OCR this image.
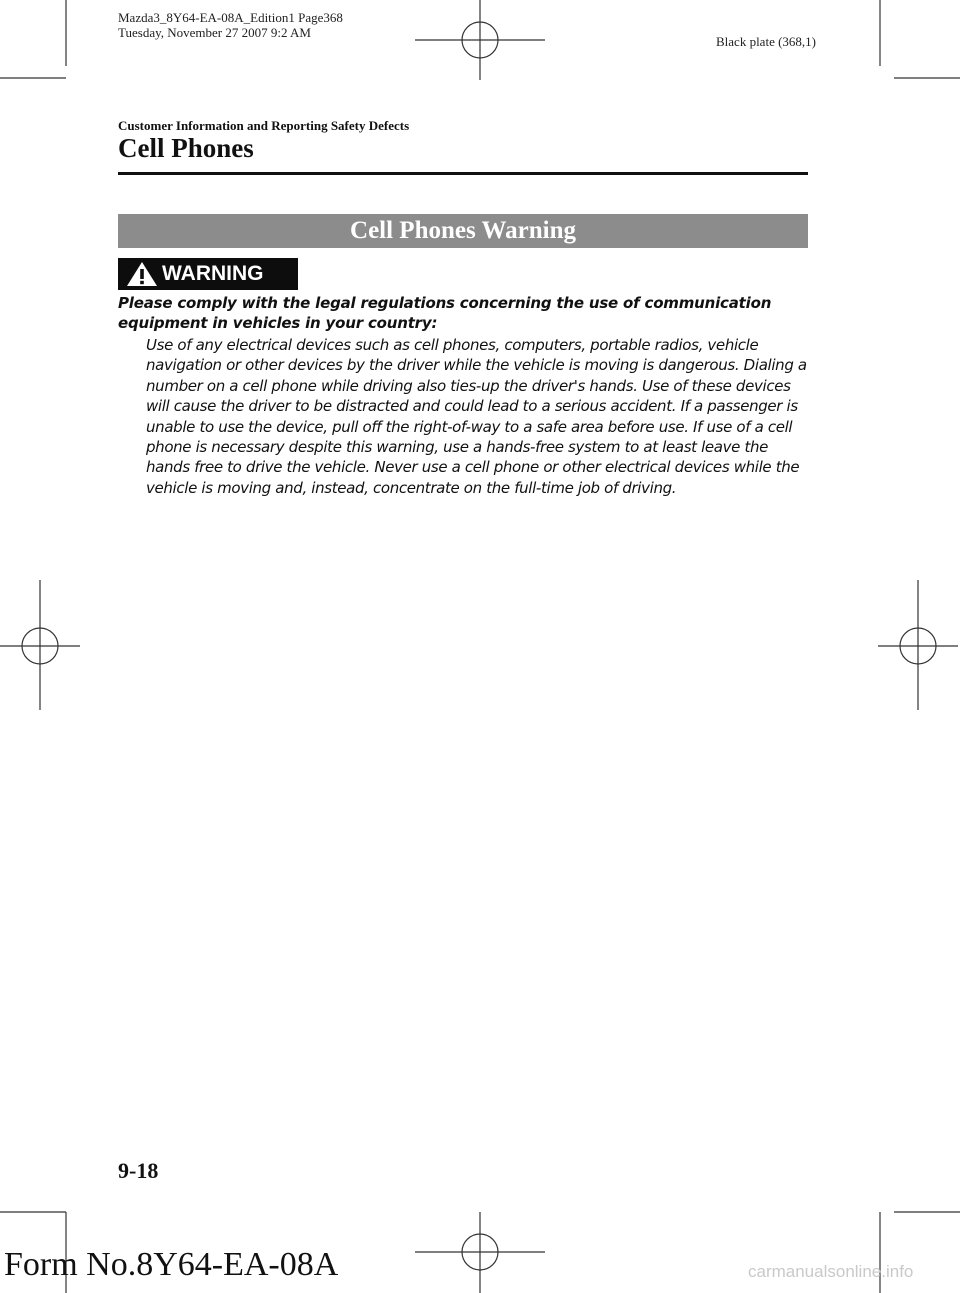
Mazda3_8Y64-EA-08A_Edition1 Page368
Tuesday, November 27 2007 9:2 AM
Black plate (368,1)
Customer Information and Reporting Safety Defects
Cell Phones
Cell Phones Warning
WARNING
Please comply with the legal regulations concerning the use of communication equipment in vehicles in your country:
Use of any electrical devices such as cell phones, computers, portable radios, vehicle navigation or other devices by the driver while the vehicle is moving is dangerous. Dialing a number on a cell phone while driving also ties-up the driver's hands. Use of these devices will cause the driver to be distracted and could lead to a serious accident. If a passenger is unable to use the device, pull off the right-of-way to a safe area before use. If use of a cell phone is necessary despite this warning, use a hands-free system to at least leave the hands free to drive the vehicle. Never use a cell phone or other electrical devices while the vehicle is moving and, instead, concentrate on the full-time job of driving.
9-18
Form No.8Y64-EA-08A	carmanualsonline.info
